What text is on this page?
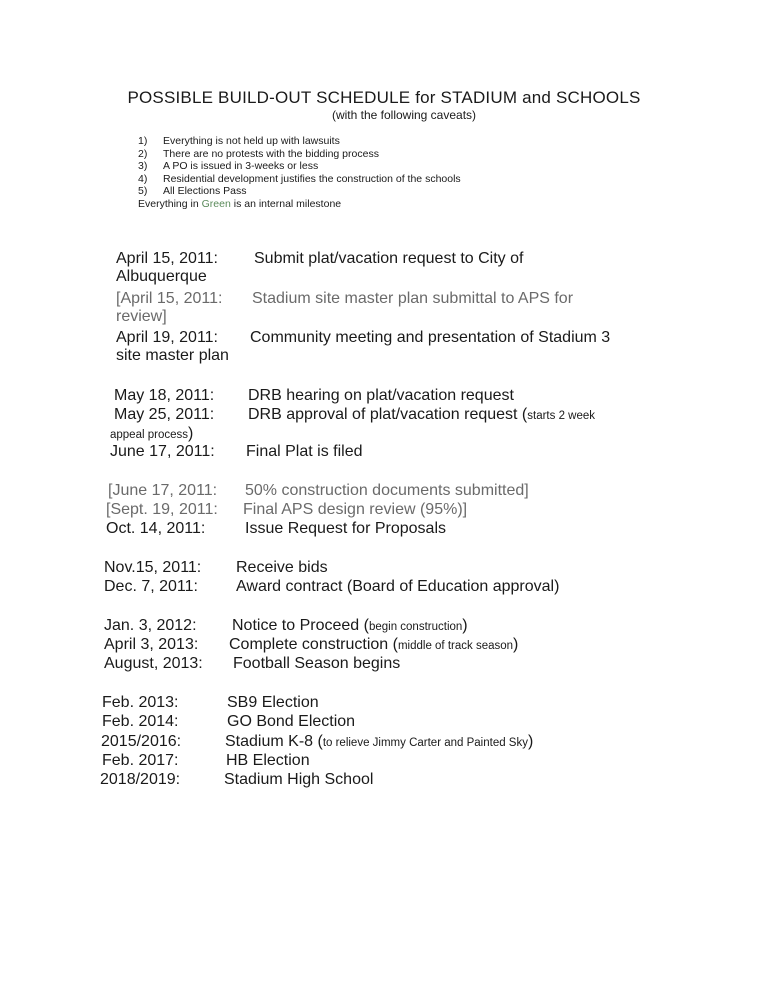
POSSIBLE BUILD-OUT SCHEDULE for STADIUM and SCHOOLS
(with the following caveats)
1)	Everything is not held up with lawsuits
2)	There are no protests with the bidding process
3)	A PO is issued in 3-weeks or less
4)	Residential development justifies the construction of the schools
5)	All Elections Pass
Everything in Green is an internal milestone
April 15, 2011: Submit plat/vacation request to City of
Albuquerque
[April 15, 2011: Stadium site master plan submittal to APS for
review]
April 19, 2011: Community meeting and presentation of Stadium 3
site master plan
May 18, 2011: DRB hearing on plat/vacation request
May 25, 2011: DRB approval of plat/vacation request (starts 2 week
appeal process)
June 17, 2011: Final Plat is filed
[June 17, 2011: 50% construction documents submitted]
[Sept. 19, 2011: Final APS design review (95%)]
Oct. 14, 2011: Issue Request for Proposals
Nov.15, 2011: Receive bids
Dec. 7, 2011: Award contract (Board of Education approval)
Jan. 3, 2012: Notice to Proceed (begin construction)
April 3, 2013: Complete construction (middle of track season)
August, 2013: Football Season begins
Feb. 2013:	SB9 Election
Feb. 2014:	GO Bond Election
2015/2016:	Stadium K-8 (to relieve Jimmy Carter and Painted Sky)
Feb. 2017:	HB Election
2018/2019:	Stadium High School
